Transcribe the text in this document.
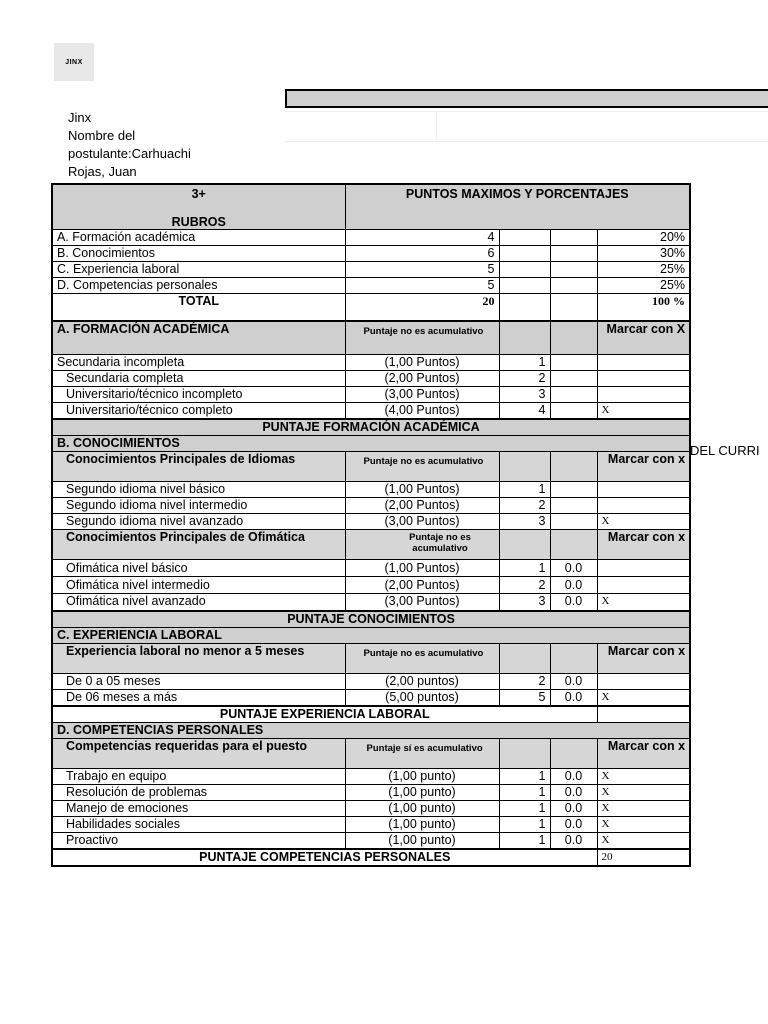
JINX
Jinx
Nombre del
postulante:Carhuachi
Rojas, Juan
DEL CURRI
3+
RUBROS	PUNTOS MAXIMOS Y PORCENTAJES			

A. Formación académica	4			20%
B. Conocimientos	6			30%
C. Experiencia laboral	5			25%
D. Competencias personales	5			25%
TOTAL	20			100 %
A. FORMACIÓN ACADÉMICA	Puntaje no es acumulativo			Marcar con X
Secundaria incompleta	(1,00 Puntos)	1		
Secundaria completa	(2,00 Puntos)	2		
Universitario/técnico incompleto	(3,00 Puntos)	3		
Universitario/técnico completo	(4,00 Puntos)	4		X
PUNTAJE FORMACIÓN ACADÉMICA				
B. CONOCIMIENTOS				
Conocimientos Principales de Idiomas	Puntaje no es acumulativo			Marcar con x
Segundo idioma nivel básico	(1,00 Puntos)	1		
Segundo idioma nivel intermedio	(2,00 Puntos)	2		
Segundo idioma nivel avanzado	(3,00 Puntos)	3		X
Conocimientos Principales de Ofimática	Puntaje no es acumulativo			Marcar con x
Ofimática nivel básico	(1,00 Puntos)	1	0.0	
Ofimática nivel intermedio	(2,00 Puntos)	2	0.0	
Ofimática nivel avanzado	(3,00 Puntos)	3	0.0	X
PUNTAJE CONOCIMIENTOS				
C. EXPERIENCIA LABORAL				
Experiencia laboral no menor a 5 meses	Puntaje no es acumulativo			Marcar con x
De 0 a 05 meses	(2,00 puntos)	2	0.0	
De 06 meses a más	(5,00 puntos)	5	0.0	X
PUNTAJE EXPERIENCIA LABORAL				
D. COMPETENCIAS PERSONALES				
Competencias requeridas para el puesto	Puntaje sí es acumulativo			Marcar con x
Trabajo en equipo	(1,00 punto)	1	0.0	X
Resolución de problemas	(1,00 punto)	1	0.0	X
Manejo de emociones	(1,00 punto)	1	0.0	X
Habilidades sociales	(1,00 punto)	1	0.0	X
Proactivo	(1,00 punto)	1	0.0	X
PUNTAJE COMPETENCIAS PERSONALES				20
